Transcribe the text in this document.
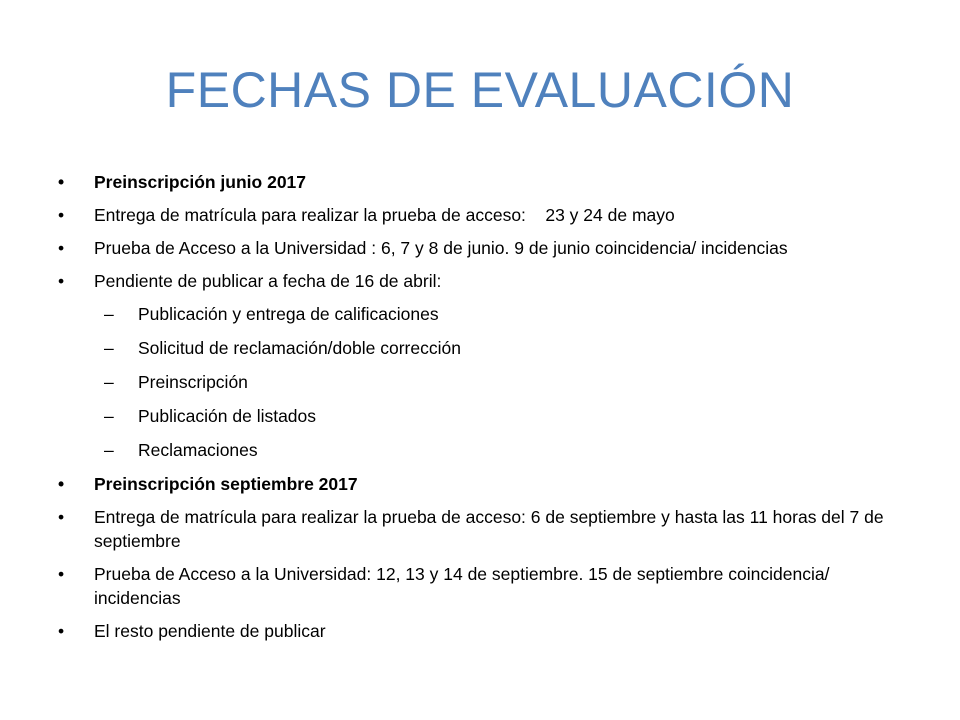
FECHAS DE EVALUACIÓN
•	Preinscripción junio 2017
•	Entrega de matrícula para realizar la prueba de acceso:    23 y 24 de mayo
•	Prueba de Acceso a la Universidad : 6, 7 y 8 de junio. 9 de junio coincidencia/ incidencias
•	Pendiente de publicar a fecha de 16 de abril:
–	Publicación y entrega de calificaciones
–	Solicitud de reclamación/doble corrección
–	Preinscripción
–	Publicación de listados
–	Reclamaciones
•	Preinscripción septiembre 2017
•	Entrega de matrícula para realizar la prueba de acceso: 6 de septiembre y hasta las 11 horas del 7 de septiembre
•	Prueba de Acceso a la Universidad: 12, 13 y 14 de septiembre. 15 de septiembre coincidencia/ incidencias
•	El resto pendiente de publicar
